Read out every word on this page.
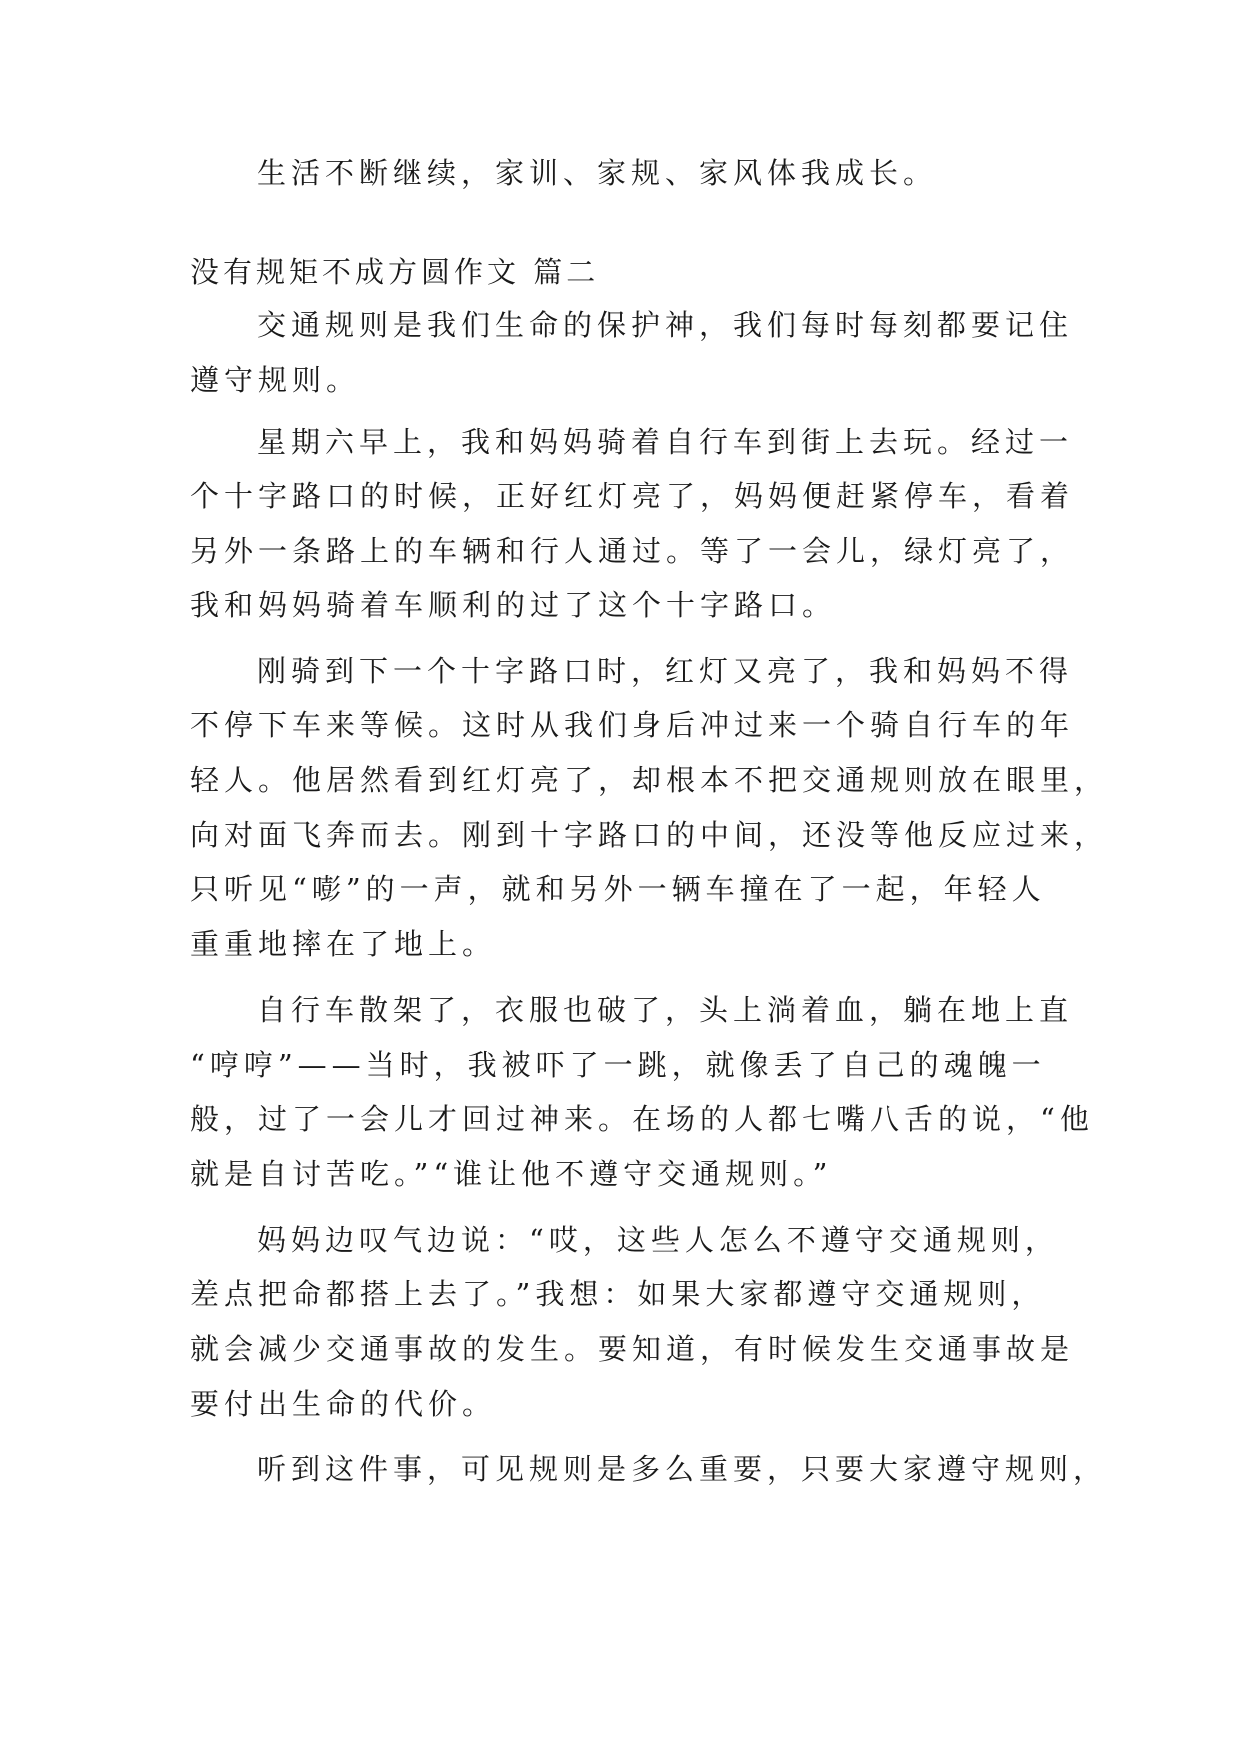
生活不断继续，家训、家规、家风体我成长。
没有规矩不成方圆作文 篇二
交通规则是我们生命的保护神，我们每时每刻都要记住
遵守规则。
星期六早上，我和妈妈骑着自行车到街上去玩。经过一
个十字路口的时候，正好红灯亮了，妈妈便赶紧停车，看着
另外一条路上的车辆和行人通过。等了一会儿，绿灯亮了，
我和妈妈骑着车顺利的过了这个十字路口。
刚骑到下一个十字路口时，红灯又亮了，我和妈妈不得
不停下车来等候。这时从我们身后冲过来一个骑自行车的年
轻人。他居然看到红灯亮了，却根本不把交通规则放在眼里，
向对面飞奔而去。刚到十字路口的中间，还没等他反应过来，
只听见“嘭”的一声，就和另外一辆车撞在了一起，年轻人
重重地摔在了地上。
自行车散架了，衣服也破了，头上淌着血，躺在地上直
“哼哼”——当时，我被吓了一跳，就像丢了自己的魂魄一
般，过了一会儿才回过神来。在场的人都七嘴八舌的说，“他
就是自讨苦吃。”“谁让他不遵守交通规则。”
妈妈边叹气边说：“哎，这些人怎么不遵守交通规则，
差点把命都搭上去了。”我想：如果大家都遵守交通规则，
就会减少交通事故的发生。要知道，有时候发生交通事故是
要付出生命的代价。
听到这件事，可见规则是多么重要，只要大家遵守规则，
